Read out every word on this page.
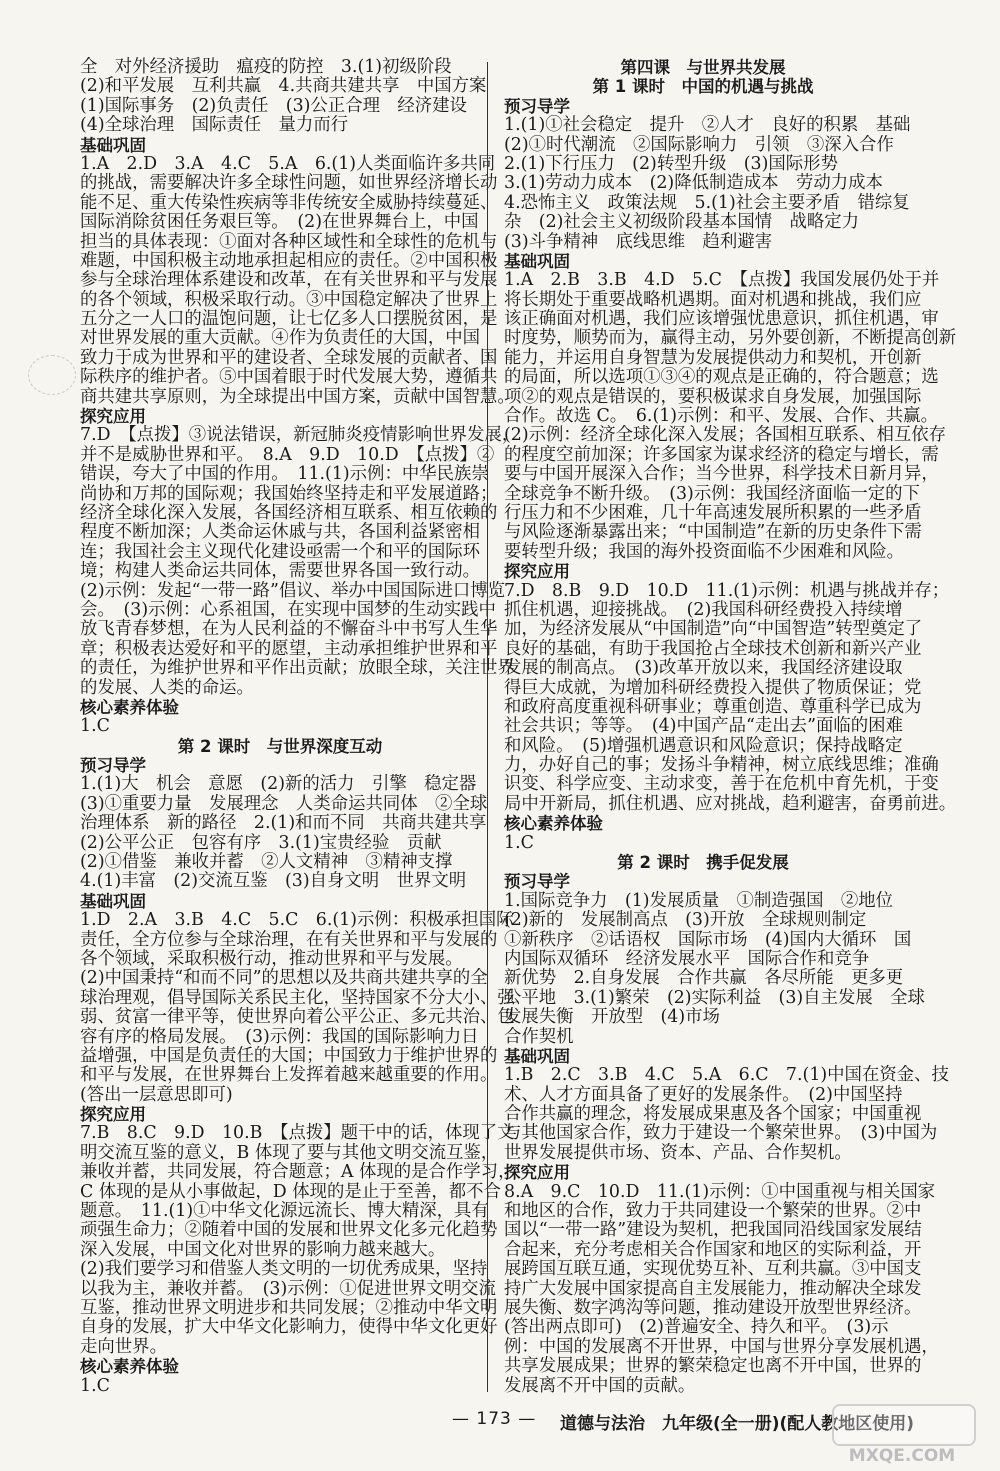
全　对外经济援助　瘟疫的防控　3.(1)初级阶段
(2)和平发展　互利共赢　4.共商共建共享　中国方案
(1)国际事务　(2)负责任　(3)公正合理　经济建设
(4)全球治理　国际责任　量力而行
基础巩固
1.A　2.D　3.A　4.C　5.A　6.(1)人类面临许多共同
的挑战，需要解决许多全球性问题，如世界经济增长动
能不足、重大传染性疾病等非传统安全威胁持续蔓延、
国际消除贫困任务艰巨等。　(2)在世界舞台上，中国
担当的具体表现：①面对各种区域性和全球性的危机与
难题，中国积极主动地承担起相应的责任。②中国积极
参与全球治理体系建设和改革，在有关世界和平与发展
的各个领域，积极采取行动。③中国稳定解决了世界上
五分之一人口的温饱问题，让七亿多人口摆脱贫困，是
对世界发展的重大贡献。④作为负责任的大国，中国
致力于成为世界和平的建设者、全球发展的贡献者、国
际秩序的维护者。⑤中国着眼于时代发展大势，遵循共
商共建共享原则，为全球提出中国方案，贡献中国智慧。
探究应用
7.D　【点拨】③说法错误，新冠肺炎疫情影响世界发展，
并不是威胁世界和平。　8.A　9.D　10.D　【点拨】②
错误，夸大了中国的作用。　11.(1)示例：中华民族崇
尚协和万邦的国际观；我国始终坚持走和平发展道路；
经济全球化深入发展，各国经济相互联系、相互依赖的
程度不断加深；人类命运休戚与共，各国利益紧密相
连；我国社会主义现代化建设亟需一个和平的国际环
境；构建人类命运共同体，需要世界各国一致行动。
(2)示例：发起“一带一路”倡议、举办中国国际进口博览
会。　(3)示例：心系祖国，在实现中国梦的生动实践中
放飞青春梦想，在为人民利益的不懈奋斗中书写人生华
章；积极表达爱好和平的愿望，主动承担维护世界和平
的责任，为维护世界和平作出贡献；放眼全球，关注世界
的发展、人类的命运。
核心素养体验
1.C
第 2 课时　与世界深度互动
预习导学
1.(1)大　机会　意愿　(2)新的活力　引擎　稳定器
(3)①重要力量　发展理念　人类命运共同体　②全球
治理体系　新的路径　2.(1)和而不同　共商共建共享
(2)公平公正　包容有序　3.(1)宝贵经验　贡献
(2)①借鉴　兼收并蓄　②人文精神　③精神支撑
4.(1)丰富　(2)交流互鉴　(3)自身文明　世界文明
基础巩固
1.D　2.A　3.B　4.C　5.C　6.(1)示例：积极承担国际
责任，全方位参与全球治理，在有关世界和平与发展的
各个领域，采取积极行动，推动世界和平与发展。
(2)中国秉持“和而不同”的思想以及共商共建共享的全
球治理观，倡导国际关系民主化，坚持国家不分大小、强
弱、贫富一律平等，使世界向着公平公正、多元共治、包
容有序的格局发展。　(3)示例：我国的国际影响力日
益增强，中国是负责任的大国；中国致力于维护世界的
和平与发展，在世界舞台上发挥着越来越重要的作用。
(答出一层意思即可)
探究应用
7.B　8.C　9.D　10.B　【点拨】题干中的话，体现了文
明交流互鉴的意义，B 体现了要与其他文明交流互鉴，
兼收并蓄，共同发展，符合题意；A 体现的是合作学习，
C 体现的是从小事做起，D 体现的是止于至善，都不合
题意。　11.(1)①中华文化源远流长、博大精深，具有
顽强生命力；②随着中国的发展和世界文化多元化趋势
深入发展，中国文化对世界的影响力越来越大。
(2)我们要学习和借鉴人类文明的一切优秀成果，坚持
以我为主，兼收并蓄。　(3)示例：①促进世界文明交流
互鉴，推动世界文明进步和共同发展；②推动中华文明
自身的发展，扩大中华文化影响力，使得中华文化更好
走向世界。
核心素养体验
1.C
第四课　与世界共发展
第 1 课时　中国的机遇与挑战
预习导学
1.(1)①社会稳定　提升　②人才　良好的积累　基础
(2)①时代潮流　②国际影响力　引领　③深入合作
2.(1)下行压力　(2)转型升级　(3)国际形势
3.(1)劳动力成本　(2)降低制造成本　劳动力成本
4.恐怖主义　政策法规　5.(1)社会主要矛盾　错综复
杂　(2)社会主义初级阶段基本国情　战略定力
(3)斗争精神　底线思维　趋利避害
基础巩固
1.A　2.B　3.B　4.D　5.C　【点拨】我国发展仍处于并
将长期处于重要战略机遇期。面对机遇和挑战，我们应
该正确面对机遇，我们应该增强忧患意识，抓住机遇，审
时度势，顺势而为，赢得主动，另外要创新，不断提高创新
能力，并运用自身智慧为发展提供动力和契机，开创新
的局面，所以选项①③④的观点是正确的，符合题意；选
项②的观点是错误的，要积极谋求自身发展，加强国际
合作。故选 C。　6.(1)示例：和平、发展、合作、共赢。
(2)示例：经济全球化深入发展；各国相互联系、相互依存
的程度空前加深；许多国家为谋求经济的稳定与增长，需
要与中国开展深入合作；当今世界，科学技术日新月异，
全球竞争不断升级。　(3)示例：我国经济面临一定的下
行压力和不少困难，几十年高速发展所积累的一些矛盾
与风险逐渐暴露出来；“中国制造”在新的历史条件下需
要转型升级；我国的海外投资面临不少困难和风险。
探究应用
7.D　8.B　9.D　10.D　11.(1)示例：机遇与挑战并存；
抓住机遇，迎接挑战。　(2)我国科研经费投入持续增
加，为经济发展从“中国制造”向“中国智造”转型奠定了
良好的基础，有助于我国抢占全球技术创新和新兴产业
发展的制高点。　(3)改革开放以来，我国经济建设取
得巨大成就，为增加科研经费投入提供了物质保证；党
和政府高度重视科研事业；尊重创造、尊重科学已成为
社会共识；等等。　(4)中国产品“走出去”面临的困难
和风险。　(5)增强机遇意识和风险意识；保持战略定
力，办好自己的事；发扬斗争精神，树立底线思维；准确
识变、科学应变、主动求变，善于在危机中育先机，于变
局中开新局，抓住机遇、应对挑战，趋利避害，奋勇前进。
核心素养体验
1.C
第 2 课时　携手促发展
预习导学
1.国际竞争力　(1)发展质量　①制造强国　②地位
(2)新的　发展制高点　(3)开放　全球规则制定
①新秩序　②话语权　国际市场　(4)国内大循环　国
内国际双循环　经济发展水平　国际合作和竞争
新优势　2.自身发展　合作共赢　各尽所能　更多更
公平地　3.(1)繁荣　(2)实际利益　(3)自主发展　全球
发展失衡　开放型　(4)市场
合作契机
基础巩固
1.B　2.C　3.B　4.C　5.A　6.C　7.(1)中国在资金、技
术、人才方面具备了更好的发展条件。　(2)中国坚持
合作共赢的理念，将发展成果惠及各个国家；中国重视
与其他国家合作，致力于建设一个繁荣世界。　(3)中国为
世界发展提供市场、资本、产品、合作契机。
探究应用
8.A　9.C　10.D　11.(1)示例：①中国重视与相关国家
和地区的合作，致力于共同建设一个繁荣的世界。②中
国以“一带一路”建设为契机，把我国同沿线国家发展结
合起来，充分考虑相关合作国家和地区的实际利益，开
展跨国互联互通，实现优势互补、互利共赢。③中国支
持广大发展中国家提高自主发展能力，推动解决全球发
展失衡、数字鸿沟等问题，推动建设开放型世界经济。
(答出两点即可)　(2)普遍安全、持久和平。　(3)示
例：中国的发展离不开世界，中国与世界分享发展机遇，
共享发展成果；世界的繁荣稳定也离不开中国，世界的
发展离不开中国的贡献。
— 173 —	道德与法治　九年级(全一册)(配人教地区使用)
MXQE.COM
